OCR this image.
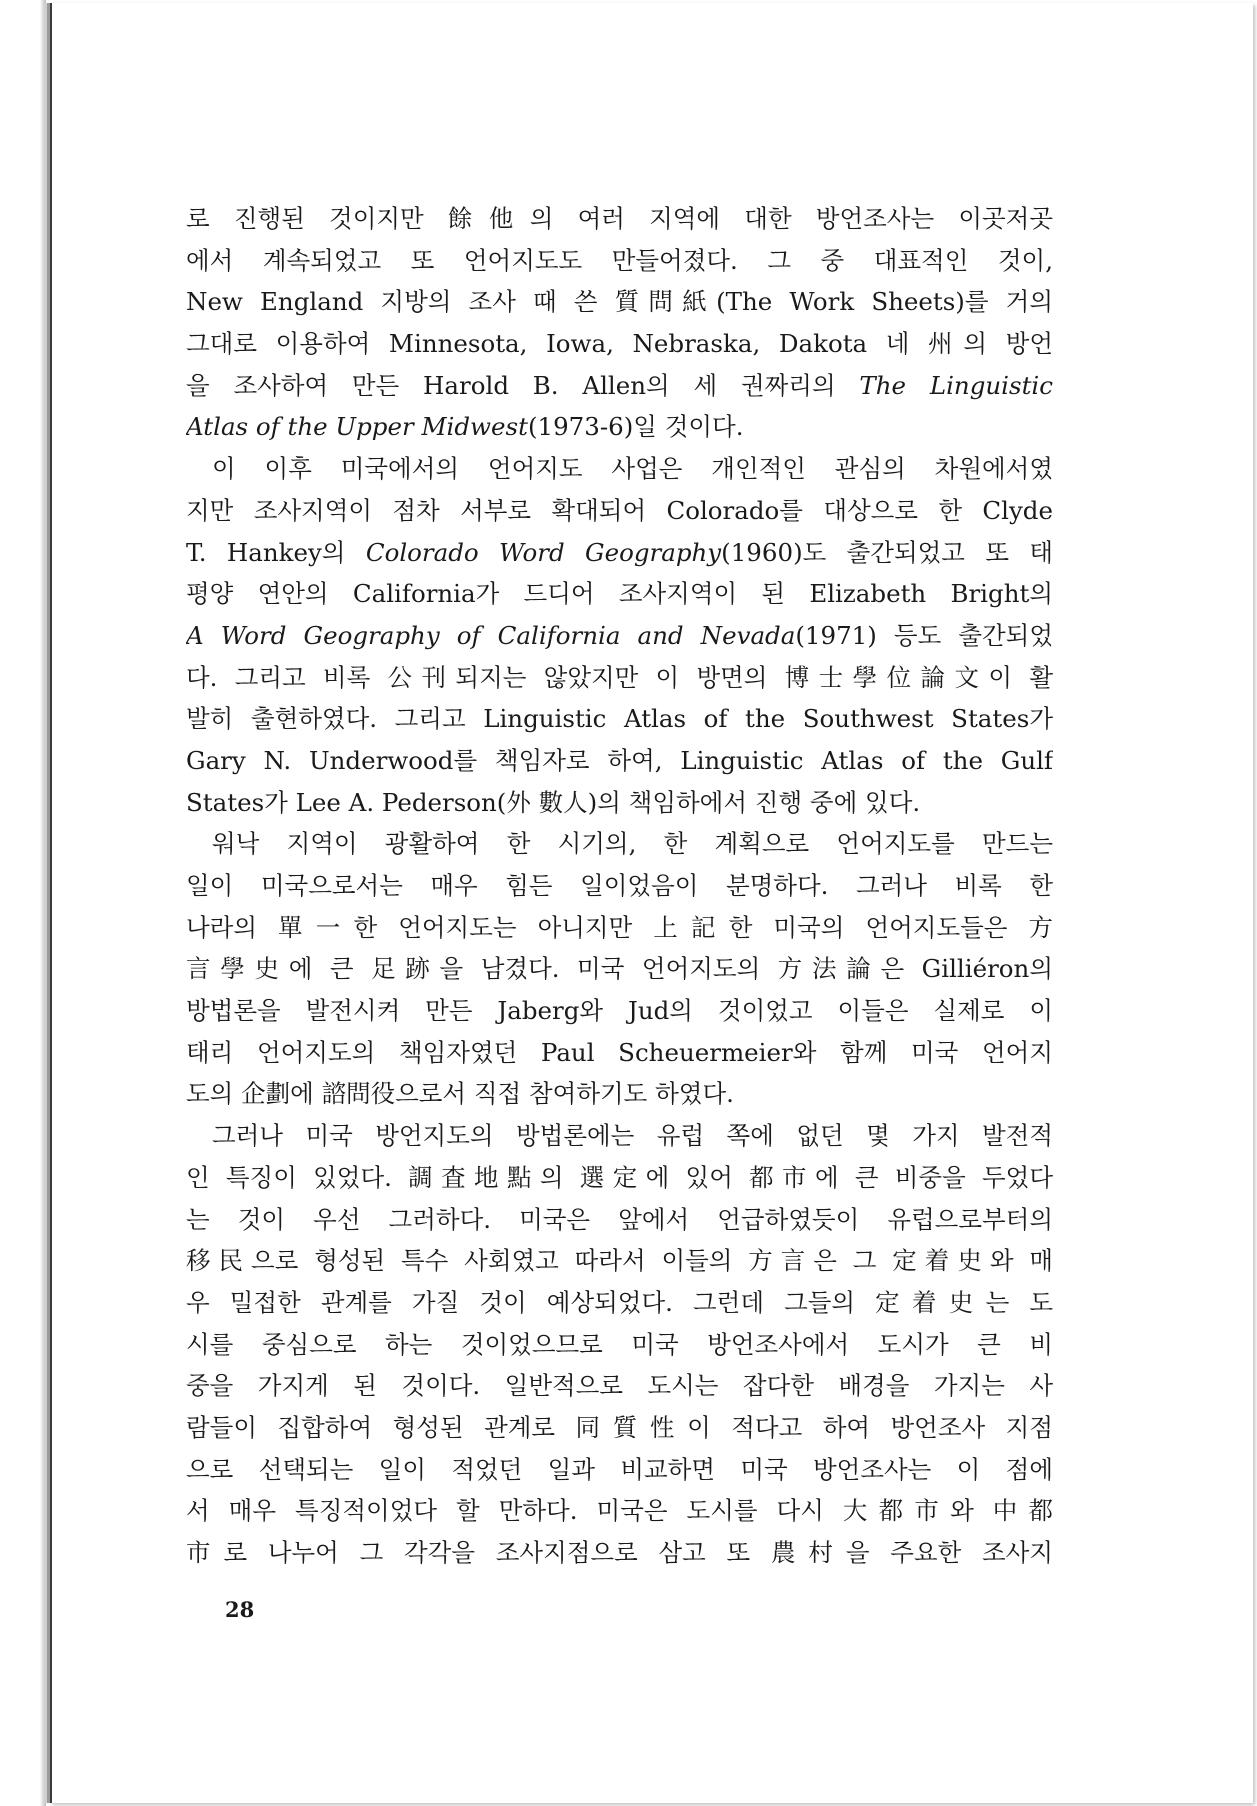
로 진행된 것이지만 餘他의 여러 지역에 대한 방언조사는 이곳저곳
에서 계속되었고 또 언어지도도 만들어졌다. 그 중 대표적인 것이,
New England 지방의 조사 때 쓴 質問紙(The Work Sheets)를 거의
그대로 이용하여 Minnesota, Iowa, Nebraska, Dakota 네 州의 방언
을 조사하여 만든 Harold B. Allen의 세 권짜리의 The Linguistic
Atlas of the Upper Midwest(1973-6)일 것이다.
이 이후 미국에서의 언어지도 사업은 개인적인 관심의 차원에서였
지만 조사지역이 점차 서부로 확대되어 Colorado를 대상으로 한 Clyde
T. Hankey의 Colorado Word Geography(1960)도 출간되었고 또 태
평양 연안의 California가 드디어 조사지역이 된 Elizabeth Bright의
A Word Geography of California and Nevada(1971) 등도 출간되었
다. 그리고 비록 公刊되지는 않았지만 이 방면의 博士學位論文이 활
발히 출현하였다. 그리고 Linguistic Atlas of the Southwest States가
Gary N. Underwood를 책임자로 하여, Linguistic Atlas of the Gulf
States가 Lee A. Pederson(外 數人)의 책임하에서 진행 중에 있다.
워낙 지역이 광활하여 한 시기의, 한 계획으로 언어지도를 만드는
일이 미국으로서는 매우 힘든 일이었음이 분명하다. 그러나 비록 한
나라의 單一한 언어지도는 아니지만 上記한 미국의 언어지도들은 方
言學史에 큰 足跡을 남겼다. 미국 언어지도의 方法論은 Gilliéron의
방법론을 발전시켜 만든 Jaberg와 Jud의 것이었고 이들은 실제로 이
태리 언어지도의 책임자였던 Paul Scheuermeier와 함께 미국 언어지
도의 企劃에 諮問役으로서 직접 참여하기도 하였다.
그러나 미국 방언지도의 방법론에는 유럽 쪽에 없던 몇 가지 발전적
인 특징이 있었다. 調査地點의 選定에 있어 都市에 큰 비중을 두었다
는 것이 우선 그러하다. 미국은 앞에서 언급하였듯이 유럽으로부터의
移民으로 형성된 특수 사회였고 따라서 이들의 方言은 그 定着史와 매
우 밀접한 관계를 가질 것이 예상되었다. 그런데 그들의 定着史는 도
시를 중심으로 하는 것이었으므로 미국 방언조사에서 도시가 큰 비
중을 가지게 된 것이다. 일반적으로 도시는 잡다한 배경을 가지는 사
람들이 집합하여 형성된 관계로 同質性이 적다고 하여 방언조사 지점
으로 선택되는 일이 적었던 일과 비교하면 미국 방언조사는 이 점에
서 매우 특징적이었다 할 만하다. 미국은 도시를 다시 大都市와 中都
市로 나누어 그 각각을 조사지점으로 삼고 또 農村을 주요한 조사지
28
